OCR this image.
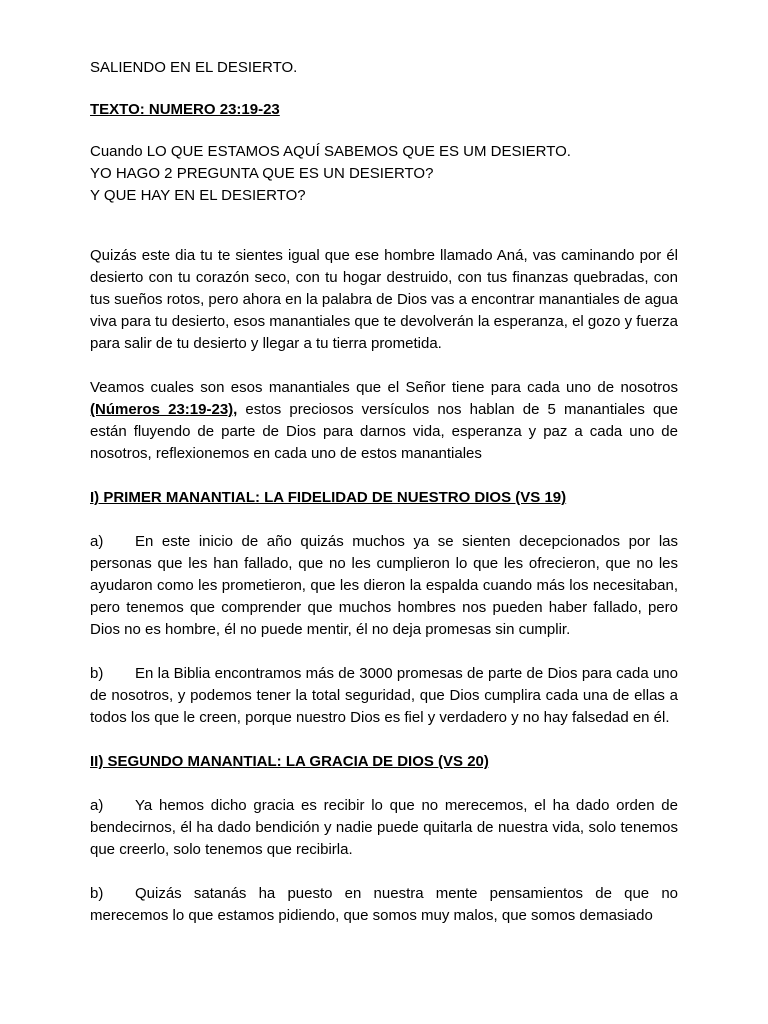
SALIENDO EN EL DESIERTO.

TEXTO: NUMERO 23:19-23

Cuando LO QUE ESTAMOS AQUÍ SABEMOS QUE ES UM DESIERTO.

YO HAGO 2 PREGUNTA QUE ES UN DESIERTO?

Y QUE HAY EN EL DESIERTO?

Quizás este dia tu te sientes igual que ese hombre llamado Aná, vas caminando por él desierto con tu corazón seco, con tu hogar destruido, con tus finanzas quebradas, con tus sueños rotos, pero ahora en la palabra de Dios vas a encontrar manantiales de agua viva para tu desierto, esos manantiales que te devolverán la esperanza, el gozo y fuerza para salir de tu desierto y llegar a tu tierra prometida.

Veamos cuales son esos manantiales que el Señor tiene para cada uno de nosotros (Números 23:19-23), estos preciosos versículos nos hablan de 5 manantiales que están fluyendo de parte de Dios para darnos vida, esperanza y paz a cada uno de nosotros, reflexionemos en cada uno de estos manantiales

I) PRIMER MANANTIAL: LA FIDELIDAD DE NUESTRO DIOS (VS 19)

a) En este inicio de año quizás muchos ya se sienten decepcionados por las personas que les han fallado, que no les cumplieron lo que les ofrecieron, que no les ayudaron como les prometieron, que les dieron la espalda cuando más los necesitaban, pero tenemos que comprender que muchos hombres nos pueden haber fallado, pero Dios no es hombre, él no puede mentir, él no deja promesas sin cumplir.

b) En la Biblia encontramos más de 3000 promesas de parte de Dios para cada uno de nosotros, y podemos tener la total seguridad, que Dios cumplira cada una de ellas a todos los que le creen, porque nuestro Dios es fiel y verdadero y no hay falsedad en él.

II) SEGUNDO MANANTIAL: LA GRACIA DE DIOS (VS 20)

a) Ya hemos dicho gracia es recibir lo que no merecemos, el ha dado orden de bendecirnos, él ha dado bendición y nadie puede quitarla de nuestra vida, solo tenemos que creerlo, solo tenemos que recibirla.

b) Quizás satanás ha puesto en nuestra mente pensamientos de que no merecemos lo que estamos pidiendo, que somos muy malos, que somos demasiado
